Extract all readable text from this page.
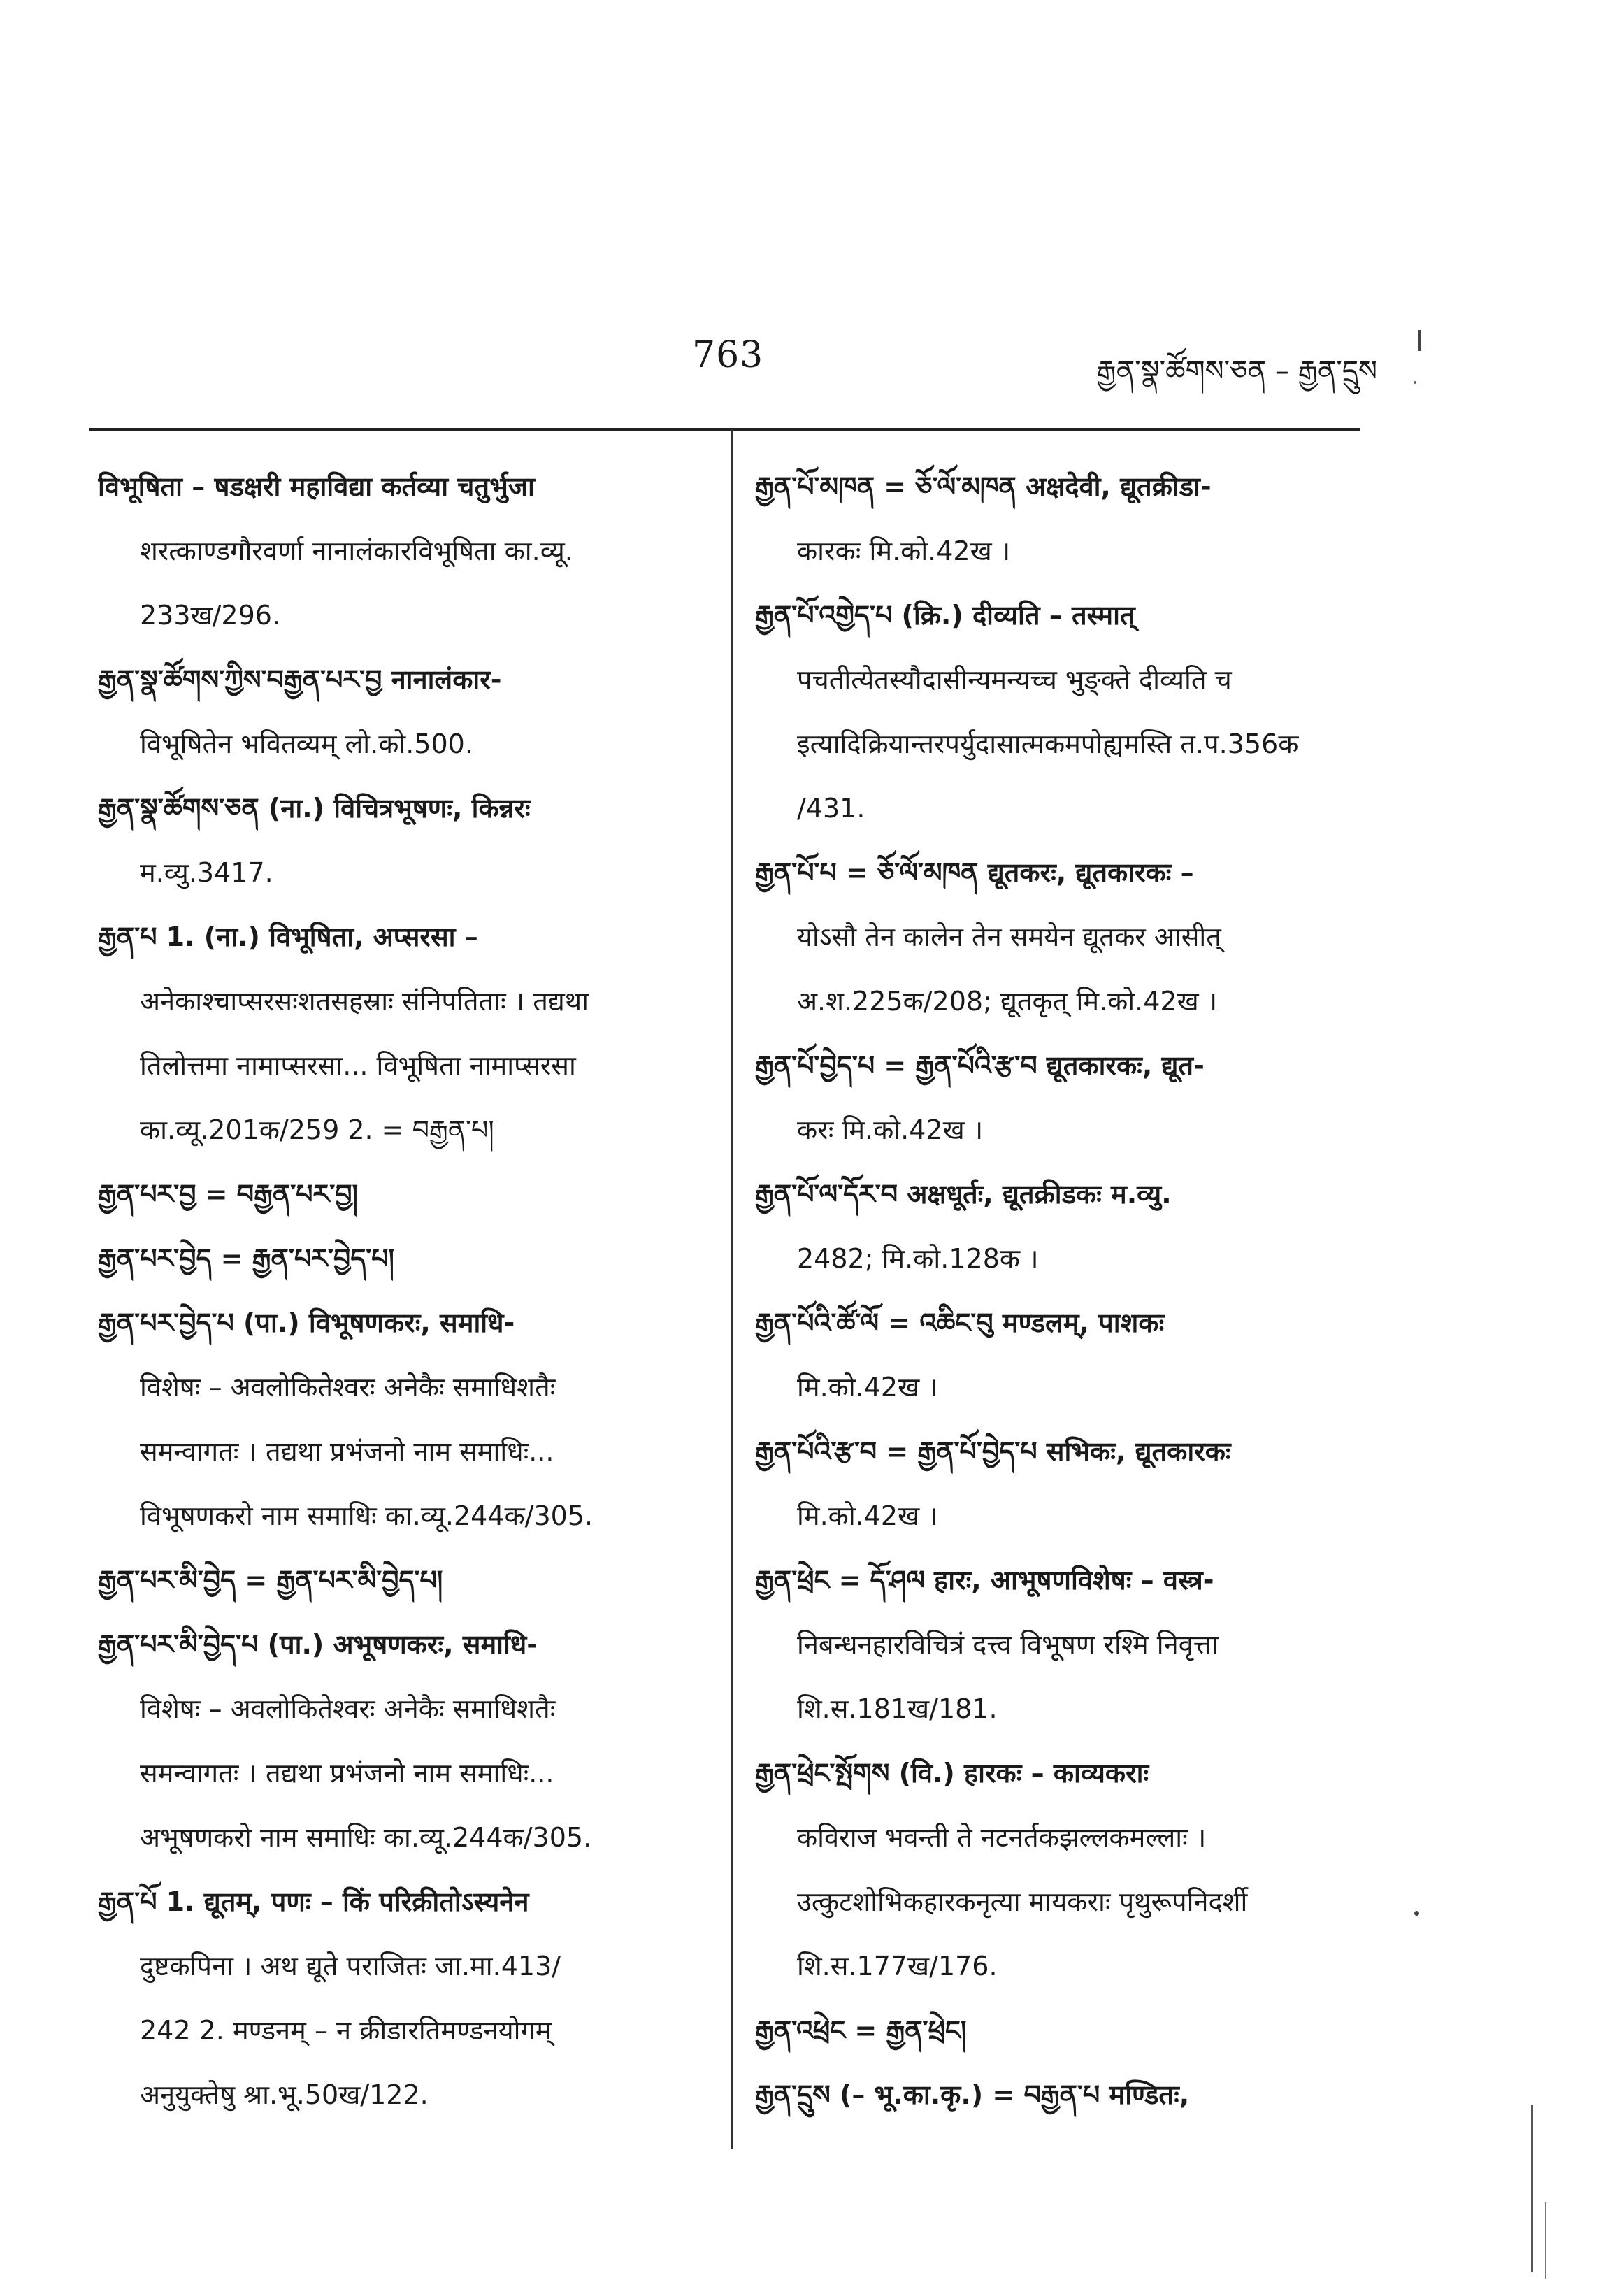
763	རྒྱན་སྣ་ཚོགས་ཅན – རྒྱན་དྲུས
विभूषिता – षडक्षरी महाविद्या कर्तव्या चतुर्भुजा
शरत्काण्डगौरवर्णा नानालंकारविभूषिता का.व्यू.
233ख/296.
རྒྱན་སྣ་ཚོགས་ཀྱིས་བརྒྱན་པར་བྱ नानालंकार-
विभूषितेन भवितव्यम् लो.को.500.
རྒྱན་སྣ་ཚོགས་ཅན (ना.) विचित्रभूषणः, किन्नरः
म.व्यु.3417.
རྒྱན་པ 1. (ना.) विभूषिता, अप्सरसा –
अनेकाश्चाप्सरसःशतसहस्राः संनिपतिताः । तद्यथा
तिलोत्तमा नामाप्सरसा... विभूषिता नामाप्सरसा
का.व्यू.201क/259 2. = བརྒྱན་པ།
རྒྱན་པར་བྱ = བརྒྱན་པར་བྱ།
རྒྱན་པར་བྱེད = རྒྱན་པར་བྱེད་པ།
རྒྱན་པར་བྱེད་པ (पा.) विभूषणकरः, समाधि-
विशेषः – अवलोकितेश्वरः अनेकैः समाधिशतैः
समन्वागतः । तद्यथा प्रभंजनो नाम समाधिः...
विभूषणकरो नाम समाधिः का.व्यू.244क/305.
རྒྱན་པར་མི་བྱེད = རྒྱན་པར་མི་བྱེད་པ།
རྒྱན་པར་མི་བྱེད་པ (पा.) अभूषणकरः, समाधि-
विशेषः – अवलोकितेश्वरः अनेकैः समाधिशतैः
समन्वागतः । तद्यथा प्रभंजनो नाम समाधिः...
अभूषणकरो नाम समाधिः का.व्यू.244क/305.
རྒྱན་པོ 1. द्यूतम्, पणः – किं परिक्रीतोऽस्यनेन
दुष्टकपिना । अथ द्यूते पराजितः जा.मा.413/
242 2. मण्डनम् – न क्रीडारतिमण्डनयोगम्
अनुयुक्तेषु श्रा.भू.50ख/122.
རྒྱན་པོ་མཁན = ཅོ་ལོ་མཁན अक्षदेवी, द्यूतक्रीडा-
कारकः मि.को.42ख ।
རྒྱན་པོ་འགྱེད་པ (क्रि.) दीव्यति – तस्मात्
पचतीत्येतस्यौदासीन्यमन्यच्च भुङ्क्ते दीव्यति च
इत्यादिक्रियान्तरपर्युदासात्मकमपोह्यमस्ति त.प.356क
/431.
རྒྱན་པོ་པ = ཅོ་ལོ་མཁན द्यूतकरः, द्यूतकारकः –
योऽसौ तेन कालेन तेन समयेन द्यूतकर आसीत्
अ.श.225क/208; द्यूतकृत् मि.को.42ख ।
རྒྱན་པོ་བྱེད་པ = རྒྱན་པོའི་རྩ་བ द्यूतकारकः, द्यूत-
करः मि.को.42ख ।
རྒྱན་པོ་ལ་དོར་བ अक्षधूर्तः, द्यूतक्रीडकः म.व्यु.
2482; मि.को.128क ।
རྒྱན་པོའི་ཚོ་ལོ = འཆིང་བུ मण्डलम्, पाशकः
मि.को.42ख ।
རྒྱན་པོའི་རྩ་བ = རྒྱན་པོ་བྱེད་པ सभिकः, द्यूतकारकः
मि.को.42ख ।
རྒྱན་ཕྲེང = དོ་ཤལ हारः, आभूषणविशेषः – वस्त्र-
निबन्धनहारविचित्रं दत्त्व विभूषण रश्मि निवृत्ता
शि.स.181ख/181.
རྒྱན་ཕྲེང་སྤོགས (वि.) हारकः – काव्यकराः
कविराज भवन्ती ते नटनर्तकझल्लकमल्लाः ।
उत्कुटशोभिकहारकनृत्या मायकराः पृथुरूपनिदर्शी
शि.स.177ख/176.
རྒྱན་འཕྲེང = རྒྱན་ཕྲེང།
རྒྱན་དྲུས (– भू.का.कृ.) = བརྒྱན་པ मण्डितः,
